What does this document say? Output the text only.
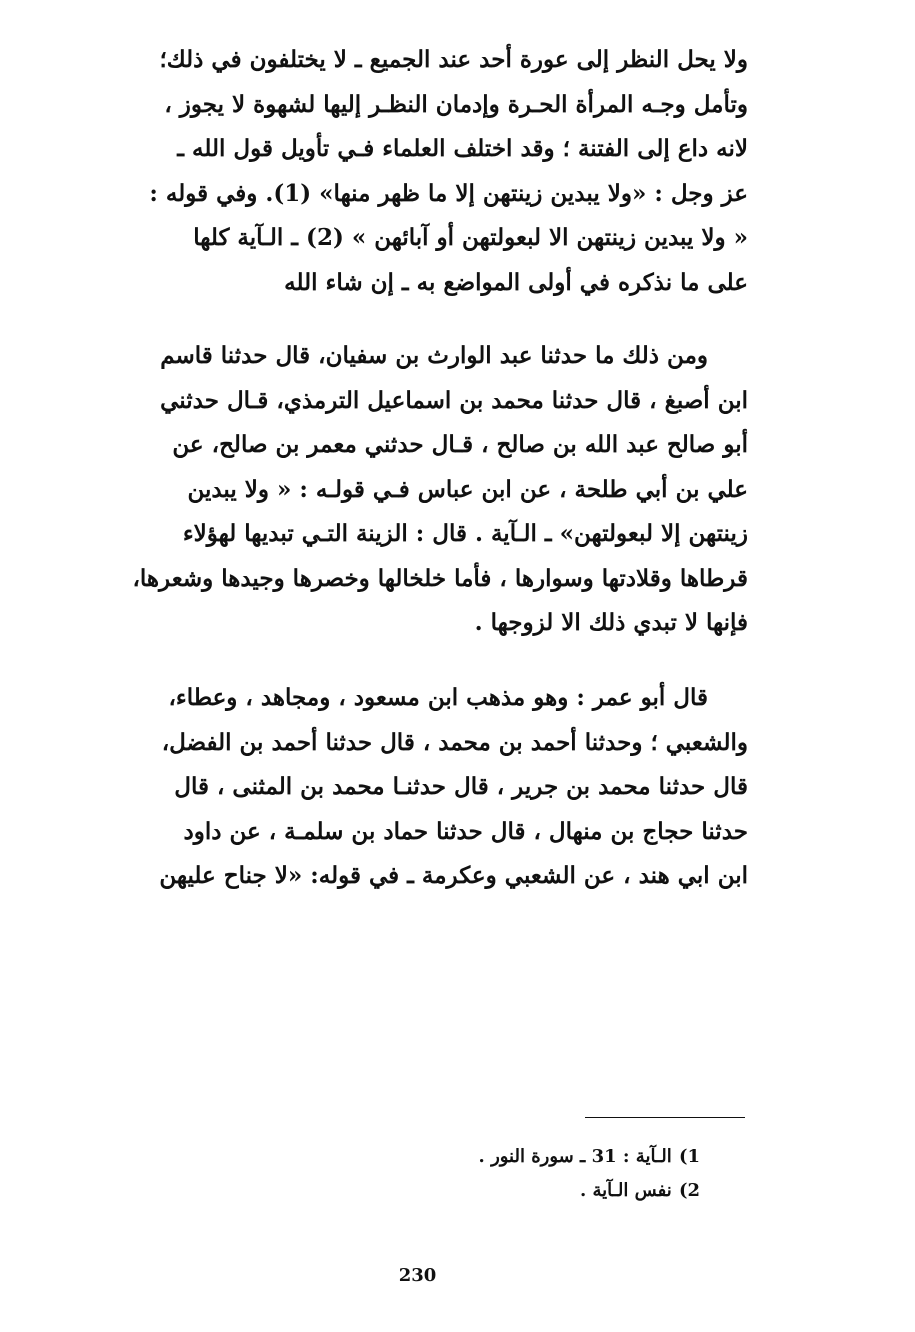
ولا يحل النظر إلى عورة أحد عند الجميع ـ لا يختلفون في ذلك؛
وتأمل وجـه المرأة الحـرة وإدمان النظـر إليها لشهوة لا يجوز ،
لانه داع إلى الفتنة ؛ وقد اختلف العلماء فـي تأويل قول الله ـ
عز وجل : «ولا يبدين زينتهن إلا ما ظهر منها» (1). وفي قوله :
« ولا يبدين زينتهن الا لبعولتهن أو آبائهن » (2) ـ الـآية كلها
على ما نذكره في أولى المواضع به ـ إن شاء الله
ومن ذلك ما حدثنا عبد الوارث بن سفيان، قال حدثنا قاسم
ابن أصبغ ، قال حدثنا محمد بن اسماعيل الترمذي، قـال حدثني
أبو صالح عبد الله بن صالح ، قـال حدثني معمر بن صالح، عن
علي بن أبي طلحة ، عن ابن عباس فـي قولـه : « ولا يبدين
زينتهن إلا لبعولتهن» ـ الـآية . قال : الزينة التـي تبديها لهؤلاء
قرطاها وقلادتها وسوارها ، فأما خلخالها وخصرها وجيدها وشعرها،
فإنها لا تبدي ذلك الا لزوجها .
قال أبو عمر : وهو مذهب ابن مسعود ، ومجاهد ، وعطاء،
والشعبي ؛ وحدثنا أحمد بن محمد ، قال حدثنا أحمد بن الفضل،
قال حدثنا محمد بن جرير ، قال حدثنـا محمد بن المثنى ، قال
حدثنا حجاج بن منهال ، قال حدثنا حماد بن سلمـة ، عن داود
ابن ابي هند ، عن الشعبي وعكرمة ـ في قوله: «لا جناح عليهن
1) الـآية : 31 ـ سورة النور .
2) نفس الـآية .
230
